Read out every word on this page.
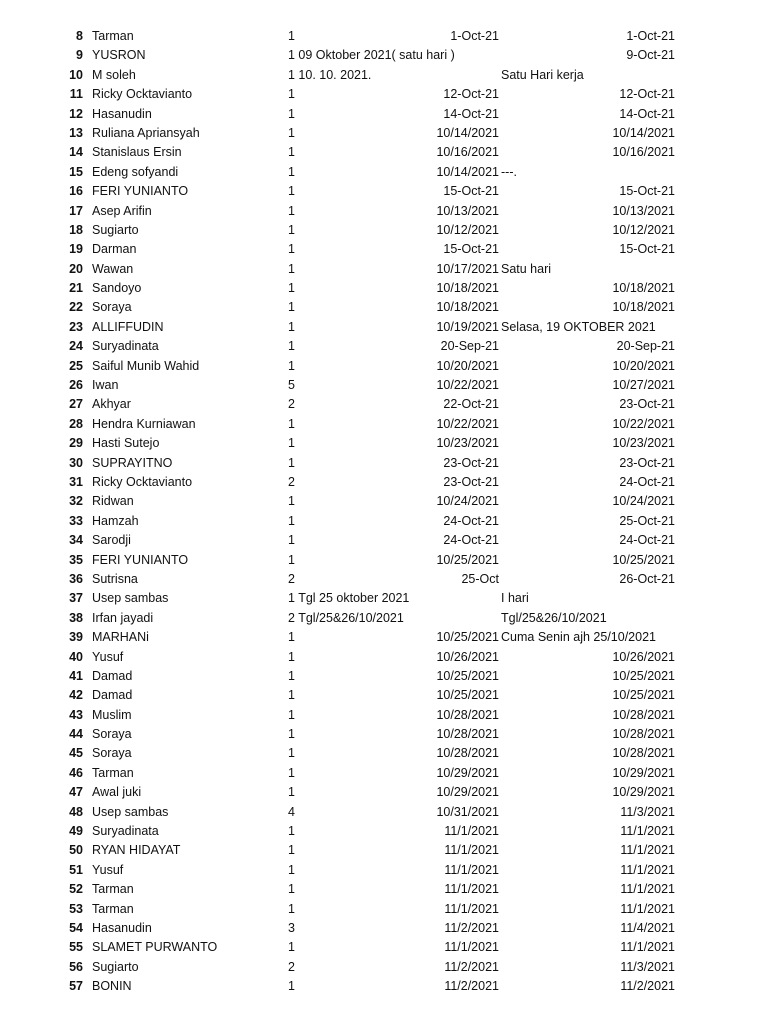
8 Tarman	1	1-Oct-21	1-Oct-21
9 YUSRON	1 09 Oktober 2021( satu hari )	9-Oct-21
10 M soleh	1 10. 10. 2021.	Satu Hari kerja
11 Ricky Ocktavianto	1	12-Oct-21	12-Oct-21
12 Hasanudin	1	14-Oct-21	14-Oct-21
13 Ruliana Apriansyah	1	10/14/2021	10/14/2021
14 Stanislaus Ersin	1	10/16/2021	10/16/2021
15 Edeng sofyandi	1	10/14/2021 ---.
16 FERI YUNIANTO	1	15-Oct-21	15-Oct-21
17 Asep Arifin	1	10/13/2021	10/13/2021
18 Sugiarto	1	10/12/2021	10/12/2021
19 Darman	1	15-Oct-21	15-Oct-21
20 Wawan	1	10/17/2021 Satu hari
21 Sandoyo	1	10/18/2021	10/18/2021
22 Soraya	1	10/18/2021	10/18/2021
23 ALLIFFUDIN	1	10/19/2021 Selasa, 19 OKTOBER 2021
24 Suryadinata	1	20-Sep-21	20-Sep-21
25 Saiful Munib Wahid	1	10/20/2021	10/20/2021
26 Iwan	5	10/22/2021	10/27/2021
27 Akhyar	2	22-Oct-21	23-Oct-21
28 Hendra Kurniawan	1	10/22/2021	10/22/2021
29 Hasti Sutejo	1	10/23/2021	10/23/2021
30 SUPRAYITNO	1	23-Oct-21	23-Oct-21
31 Ricky Ocktavianto	2	23-Oct-21	24-Oct-21
32 Ridwan	1	10/24/2021	10/24/2021
33 Hamzah	1	24-Oct-21	25-Oct-21
34 Sarodji	1	24-Oct-21	24-Oct-21
35 FERI YUNIANTO	1	10/25/2021	10/25/2021
36 Sutrisna	2	25-Oct	26-Oct-21
37 Usep sambas	1 Tgl 25 oktober 2021	I hari
38 Irfan jayadi	2 Tgl/25&26/10/2021	Tgl/25&26/10/2021
39 MARHANi	1	10/25/2021 Cuma Senin ajh 25/10/2021
40 Yusuf	1	10/26/2021	10/26/2021
41 Damad	1	10/25/2021	10/25/2021
42 Damad	1	10/25/2021	10/25/2021
43 Muslim	1	10/28/2021	10/28/2021
44 Soraya	1	10/28/2021	10/28/2021
45 Soraya	1	10/28/2021	10/28/2021
46 Tarman	1	10/29/2021	10/29/2021
47 Awal juki	1	10/29/2021	10/29/2021
48 Usep sambas	4	10/31/2021	11/3/2021
49 Suryadinata	1	11/1/2021	11/1/2021
50 RYAN HIDAYAT	1	11/1/2021	11/1/2021
51 Yusuf	1	11/1/2021	11/1/2021
52 Tarman	1	11/1/2021	11/1/2021
53 Tarman	1	11/1/2021	11/1/2021
54 Hasanudin	3	11/2/2021	11/4/2021
55 SLAMET PURWANTO	1	11/1/2021	11/1/2021
56 Sugiarto	2	11/2/2021	11/3/2021
57 BONIN	1	11/2/2021	11/2/2021
